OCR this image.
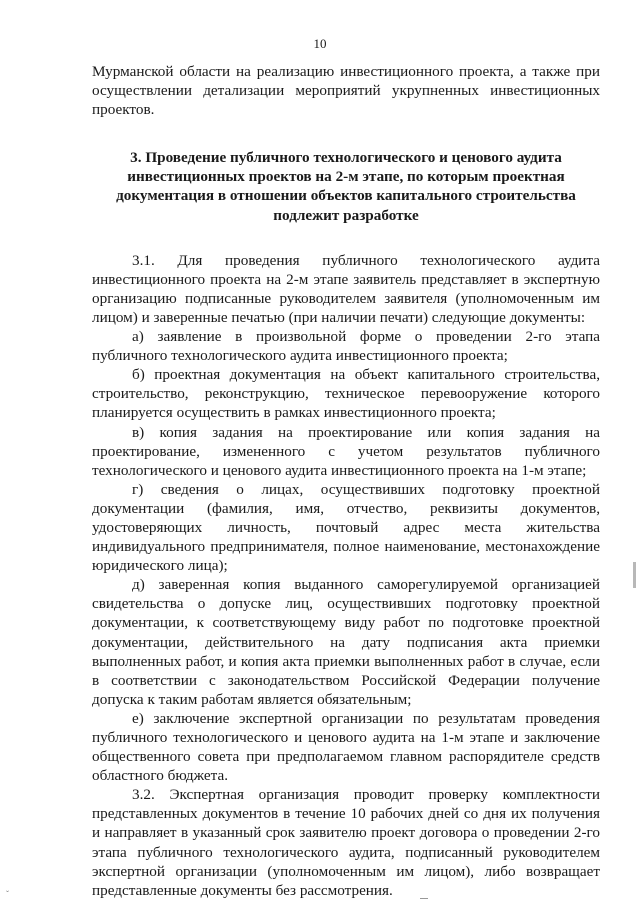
10

Мурманской области на реализацию инвестиционного проекта, а также при осуществлении детализации мероприятий укрупненных инвестиционных проектов.

3. Проведение публичного технологического и ценового аудита инвестиционных проектов на 2-м этапе, по которым проектная документация в отношении объектов капитального строительства подлежит разработке

3.1. Для проведения публичного технологического аудита инвестиционного проекта на 2-м этапе заявитель представляет в экспертную организацию подписанные руководителем заявителя (уполномоченным им лицом) и заверенные печатью (при наличии печати) следующие документы:

а) заявление в произвольной форме о проведении 2-го этапа публичного технологического аудита инвестиционного проекта;

б) проектная документация на объект капитального строительства, строительство, реконструкцию, техническое перевооружение которого планируется осуществить в рамках инвестиционного проекта;

в) копия задания на проектирование или копия задания на проектирование, измененного с учетом результатов публичного технологического и ценового аудита инвестиционного проекта на 1-м этапе;

г) сведения о лицах, осуществивших подготовку проектной документации (фамилия, имя, отчество, реквизиты документов, удостоверяющих личность, почтовый адрес места жительства индивидуального предпринимателя, полное наименование, местонахождение юридического лица);

д) заверенная копия выданного саморегулируемой организацией свидетельства о допуске лиц, осуществивших подготовку проектной документации, к соответствующему виду работ по подготовке проектной документации, действительного на дату подписания акта приемки выполненных работ, и копия акта приемки выполненных работ в случае, если в соответствии с законодательством Российской Федерации получение допуска к таким работам является обязательным;

е) заключение экспертной организации по результатам проведения публичного технологического и ценового аудита на 1-м этапе и заключение общественного совета при предполагаемом главном распорядителе средств областного бюджета.

3.2. Экспертная организация проводит проверку комплектности представленных документов в течение 10 рабочих дней со дня их получения и направляет в указанный срок заявителю проект договора о проведении 2-го этапа публичного технологического аудита, подписанный руководителем экспертной организации (уполномоченным им лицом), либо возвращает представленные документы без рассмотрения.

ˇ
